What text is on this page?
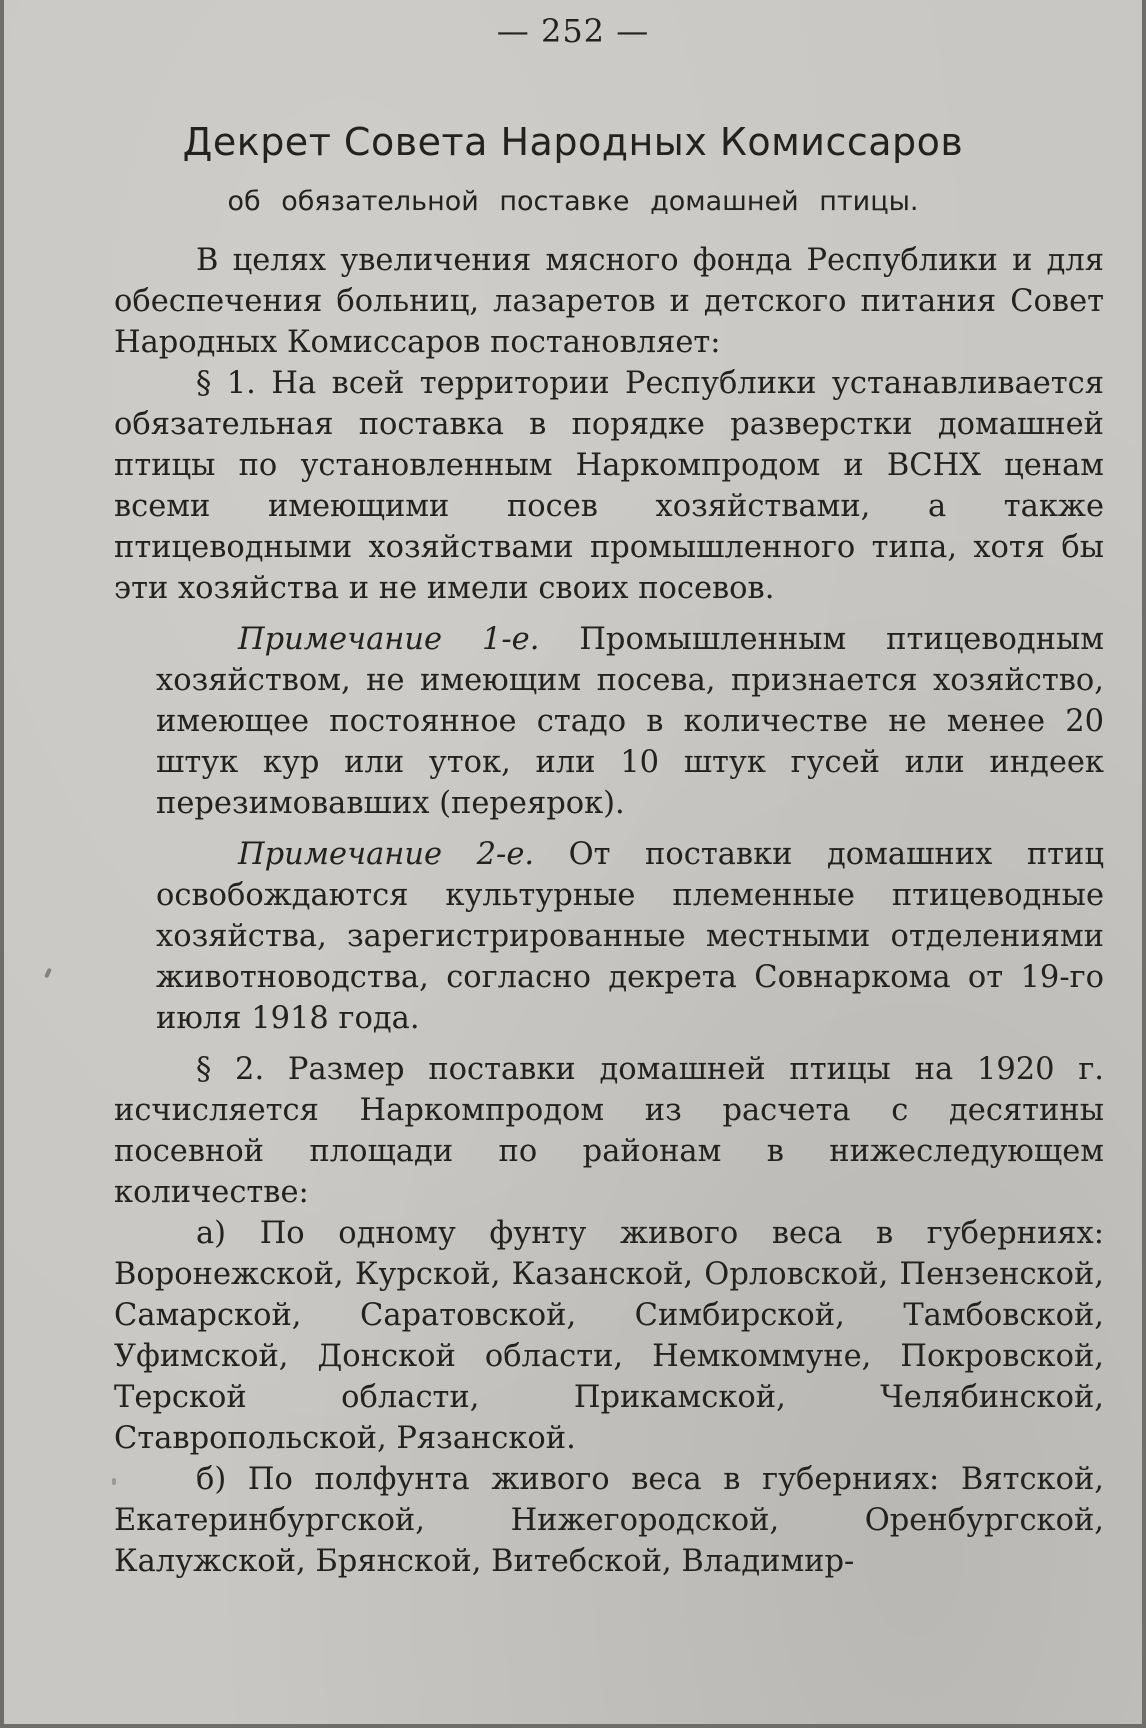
— 252 —
Декрет Совета Народных Комиссаров
об обязательной поставке домашней птицы.

В целях увеличения мясного фонда Республики и для обеспечения больниц, лазаретов и детского питания Совет Народных Комиссаров постановляет:

§ 1. На всей территории Республики устанавливается обязательная поставка в порядке разверстки домашней птицы по установленным Наркомпродом и ВСНХ ценам всеми имеющими посев хозяйствами, а также птицеводными хозяйствами промышленного типа, хотя бы эти хозяйства и не имели своих посевов.

Примечание 1-е. Промышленным птицеводным хозяйством, не имеющим посева, признается хозяйство, имеющее постоянное стадо в количестве не менее 20 штук кур или уток, или 10 штук гусей или индеек перезимовавших (переярок).

Примечание 2-е. От поставки домашних птиц освобождаются культурные племенные птицеводные хозяйства, зарегистрированные местными отделениями животноводства, согласно декрета Совнаркома от 19-го июля 1918 года.

§ 2. Размер поставки домашней птицы на 1920 г. исчисляется Наркомпродом из расчета с десятины посевной площади по районам в нижеследующем количестве:

а) По одному фунту живого веса в губерниях: Воронежской, Курской, Казанской, Орловской, Пензенской, Самарской, Саратовской, Симбирской, Тамбовской, Уфимской, Донской области, Немкоммуне, Покровской, Терской области, Прикамской, Челябинской, Ставропольской, Рязанской.

б) По полфунта живого веса в губерниях: Вятской, Екатеринбургской, Нижегородской, Оренбургской, Калужской, Брянской, Витебской, Владимир-
